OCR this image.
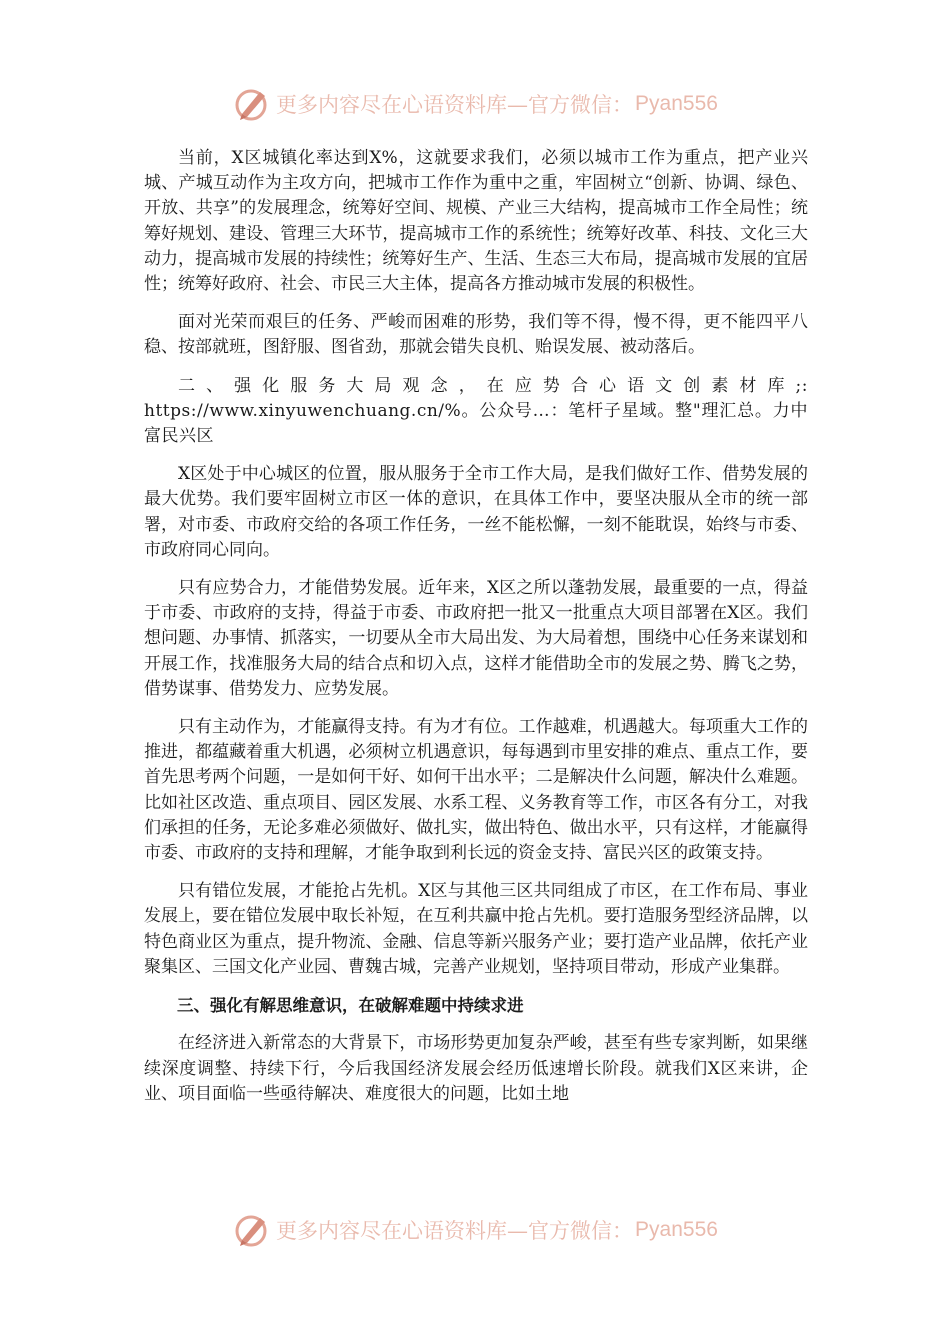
更多内容尽在心语资料库—官方微信： Pyan556

当前，X区城镇化率达到X%，这就要求我们，必须以城市工作为重点，把产业兴城、产城互动作为主攻方向，把城市工作作为重中之重，牢固树立“创新、协调、绿色、开放、共享”的发展理念，统筹好空间、规模、产业三大结构，提高城市工作全局性；统筹好规划、建设、管理三大环节，提高城市工作的系统性；统筹好改革、科技、文化三大动力，提高城市发展的持续性；统筹好生产、生活、生态三大布局，提高城市发展的宜居性；统筹好政府、社会、市民三大主体，提高各方推动城市发展的积极性。

面对光荣而艰巨的任务、严峻而困难的形势，我们等不得，慢不得，更不能四平八稳、按部就班，图舒服、图省劲，那就会错失良机、贻误发展、被动落后。

二、强化服务大局观念，在应势合心语文创素材库;: https://www.xinyuwenchuang.cn/%。公众号…：笔杆子星域。整"理汇总。力中富民兴区

X区处于中心城区的位置，服从服务于全市工作大局，是我们做好工作、借势发展的最大优势。我们要牢固树立市区一体的意识，在具体工作中，要坚决服从全市的统一部署，对市委、市政府交给的各项工作任务，一丝不能松懈，一刻不能耽误，始终与市委、市政府同心同向。

只有应势合力，才能借势发展。近年来，X区之所以蓬勃发展，最重要的一点，得益于市委、市政府的支持，得益于市委、市政府把一批又一批重点大项目部署在X区。我们想问题、办事情、抓落实，一切要从全市大局出发、为大局着想，围绕中心任务来谋划和开展工作，找准服务大局的结合点和切入点，这样才能借助全市的发展之势、腾飞之势，借势谋事、借势发力、应势发展。

只有主动作为，才能赢得支持。有为才有位。工作越难，机遇越大。每项重大工作的推进，都蕴藏着重大机遇，必须树立机遇意识，每每遇到市里安排的难点、重点工作，要首先思考两个问题，一是如何干好、如何干出水平；二是解决什么问题，解决什么难题。比如社区改造、重点项目、园区发展、水系工程、义务教育等工作，市区各有分工，对我们承担的任务，无论多难必须做好、做扎实，做出特色、做出水平，只有这样，才能赢得市委、市政府的支持和理解，才能争取到利长远的资金支持、富民兴区的政策支持。

只有错位发展，才能抢占先机。X区与其他三区共同组成了市区，在工作布局、事业发展上，要在错位发展中取长补短，在互利共赢中抢占先机。要打造服务型经济品牌，以特色商业区为重点，提升物流、金融、信息等新兴服务产业；要打造产业品牌，依托产业聚集区、三国文化产业园、曹魏古城，完善产业规划，坚持项目带动，形成产业集群。

三、强化有解思维意识，在破解难题中持续求进

在经济进入新常态的大背景下，市场形势更加复杂严峻，甚至有些专家判断，如果继续深度调整、持续下行，今后我国经济发展会经历低速增长阶段。就我们X区来讲，企业、项目面临一些亟待解决、难度很大的问题，比如土地

更多内容尽在心语资料库—官方微信： Pyan556
